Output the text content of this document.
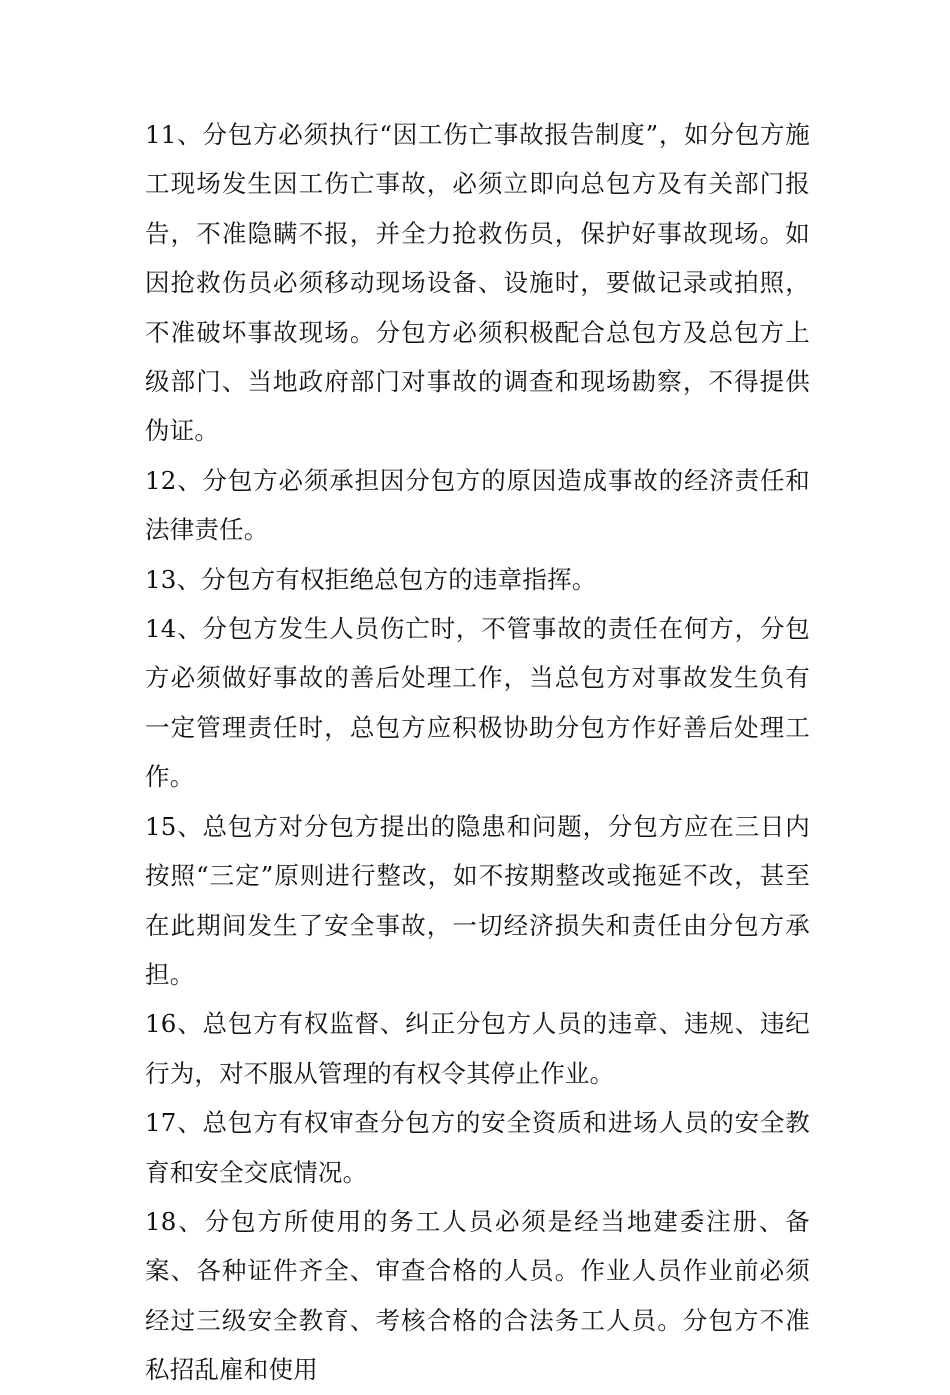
11、分包方必须执行“因工伤亡事故报告制度”，如分包方施工现场发生因工伤亡事故，必须立即向总包方及有关部门报告，不准隐瞒不报，并全力抢救伤员，保护好事故现场。如因抢救伤员必须移动现场设备、设施时，要做记录或拍照，不准破坏事故现场。分包方必须积极配合总包方及总包方上级部门、当地政府部门对事故的调查和现场勘察，不得提供伪证。

12、分包方必须承担因分包方的原因造成事故的经济责任和法律责任。

13、分包方有权拒绝总包方的违章指挥。

14、分包方发生人员伤亡时，不管事故的责任在何方，分包方必须做好事故的善后处理工作，当总包方对事故发生负有一定管理责任时，总包方应积极协助分包方作好善后处理工作。

15、总包方对分包方提出的隐患和问题，分包方应在三日内按照“三定”原则进行整改，如不按期整改或拖延不改，甚至在此期间发生了安全事故，一切经济损失和责任由分包方承担。

16、总包方有权监督、纠正分包方人员的违章、违规、违纪行为，对不服从管理的有权令其停止作业。

17、总包方有权审查分包方的安全资质和进场人员的安全教育和安全交底情况。

18、分包方所使用的务工人员必须是经当地建委注册、备案、各种证件齐全、审查合格的人员。作业人员作业前必须经过三级安全教育、考核合格的合法务工人员。分包方不准私招乱雇和使用
